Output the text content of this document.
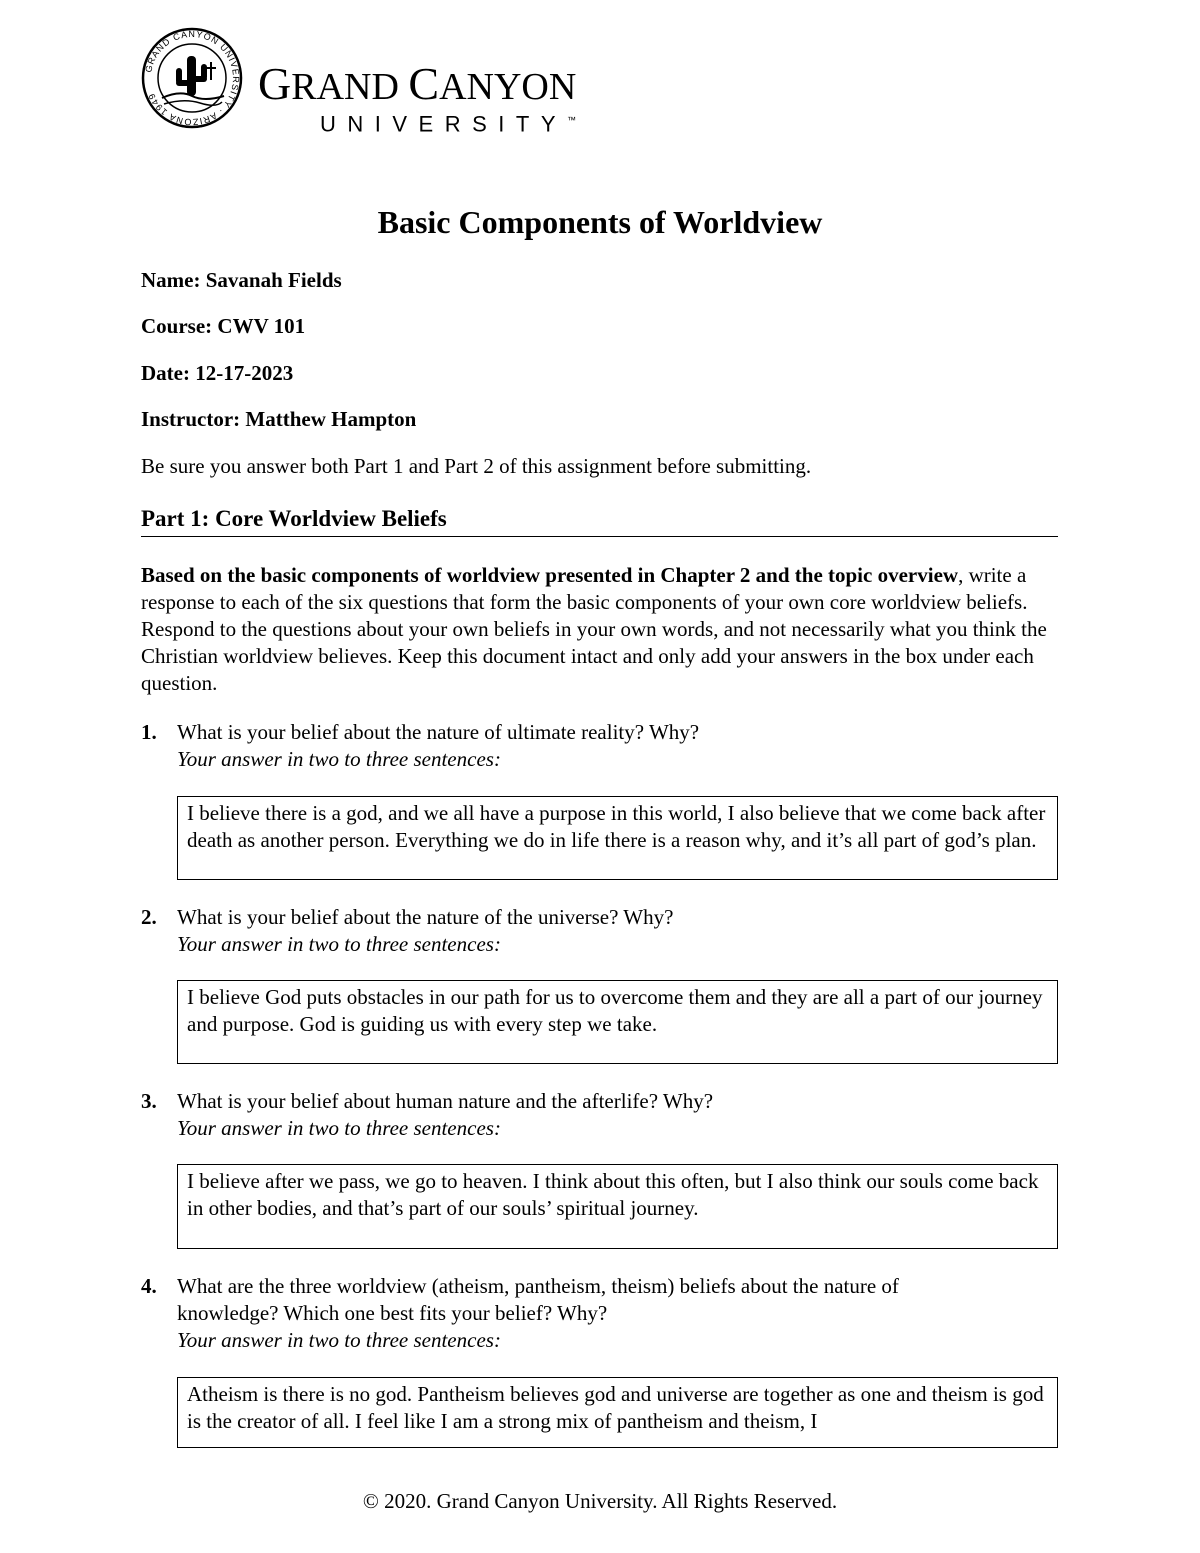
GRAND CANYON UNIVERSITY · ARIZONA 1949	GRAND CANYON
UNIVERSITY™
Basic Components of Worldview
Name: Savanah Fields
Course: CWV 101
Date: 12-17-2023
Instructor: Matthew Hampton
Be sure you answer both Part 1 and Part 2 of this assignment before submitting.
Part 1: Core Worldview Beliefs
Based on the basic components of worldview presented in Chapter 2 and the topic overview, write a response to each of the six questions that form the basic components of your own core worldview beliefs. Respond to the questions about your own beliefs in your own words, and not necessarily what you think the Christian worldview believes. Keep this document intact and only add your answers in the box under each question.
1. What is your belief about the nature of ultimate reality? Why?
Your answer in two to three sentences:
I believe there is a god, and we all have a purpose in this world, I also believe that we come back after death as another person. Everything we do in life there is a reason why, and it’s all part of god’s plan.
2. What is your belief about the nature of the universe? Why?
Your answer in two to three sentences:
I believe God puts obstacles in our path for us to overcome them and they are all a part of our journey and purpose. God is guiding us with every step we take.
3. What is your belief about human nature and the afterlife? Why?
Your answer in two to three sentences:
I believe after we pass, we go to heaven. I think about this often, but I also think our souls come back in other bodies, and that’s part of our souls’ spiritual journey.
4. What are the three worldview (atheism, pantheism, theism) beliefs about the nature of
knowledge? Which one best fits your belief? Why?
Your answer in two to three sentences:
Atheism is there is no god. Pantheism believes god and universe are together as one and theism is god is the creator of all. I feel like I am a strong mix of pantheism and theism, I
© 2020. Grand Canyon University. All Rights Reserved.
